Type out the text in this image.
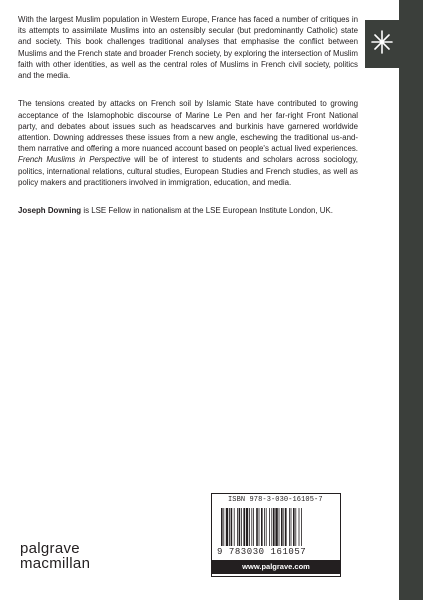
With the largest Muslim population in Western Europe, France has faced a number of critiques in its attempts to assimilate Muslims into an ostensibly secular (but predominantly Catholic) state and society. This book challenges traditional analyses that emphasise the conflict between Muslims and the French state and broader French society, by exploring the intersection of Muslim faith with other identities, as well as the central roles of Muslims in French civil society, politics and the media.

The tensions created by attacks on French soil by Islamic State have contributed to growing acceptance of the Islamophobic discourse of Marine Le Pen and her far-right Front National party, and debates about issues such as headscarves and burkinis have garnered worldwide attention. Downing addresses these issues from a new angle, eschewing the traditional us-and-them narrative and offering a more nuanced account based on people's actual lived experiences. French Muslims in Perspective will be of interest to students and scholars across sociology, politics, international relations, cultural studies, European Studies and French studies, as well as policy makers and practitioners involved in immigration, education, and media.

Joseph Downing is LSE Fellow in nationalism at the LSE European Institute London, UK.

ISBN 978-3-030-16105-7
9 783030 161057
www.palgrave.com
palgrave
macmillan
